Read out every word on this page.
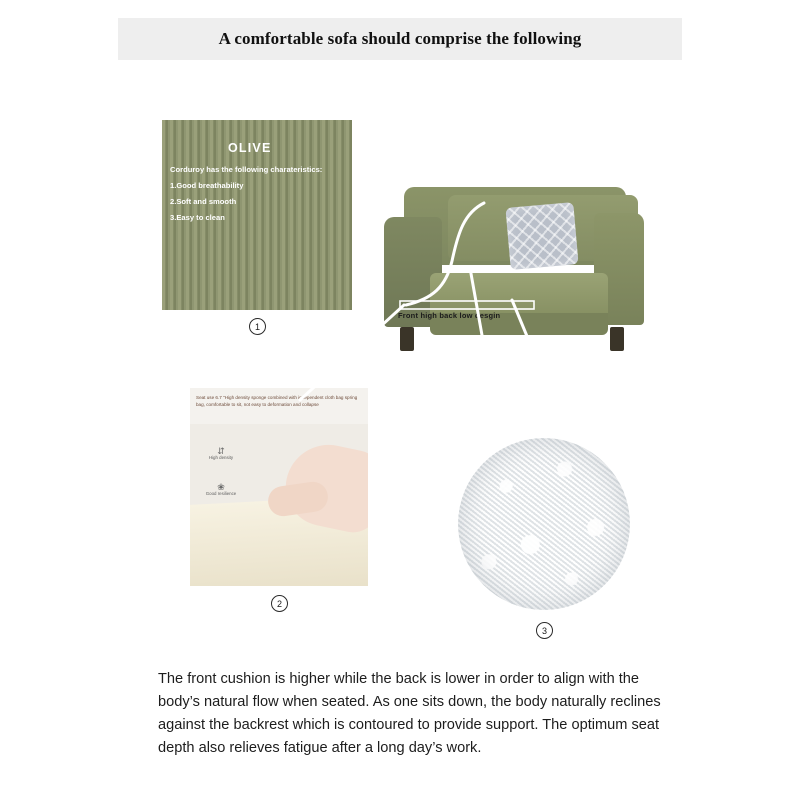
A comfortable sofa should comprise the following
OLIVE
Corduroy has the following charateristics:
1.Good breathability
2.Soft and smooth
3.Easy to clean
1
Front high back low desgin
Seat use 6.7 "High density sponge combined with independent cloth bag spring bag, comfortable to sit, not easy to deformation and collapse
⇵
High density
❀
Good resilience
2
3
The front cushion is higher while the back is lower in order to align with the body’s natural flow when seated. As one sits down, the body naturally reclines against the backrest which is contoured to provide support. The optimum seat depth also relieves fatigue after a long day’s work.
